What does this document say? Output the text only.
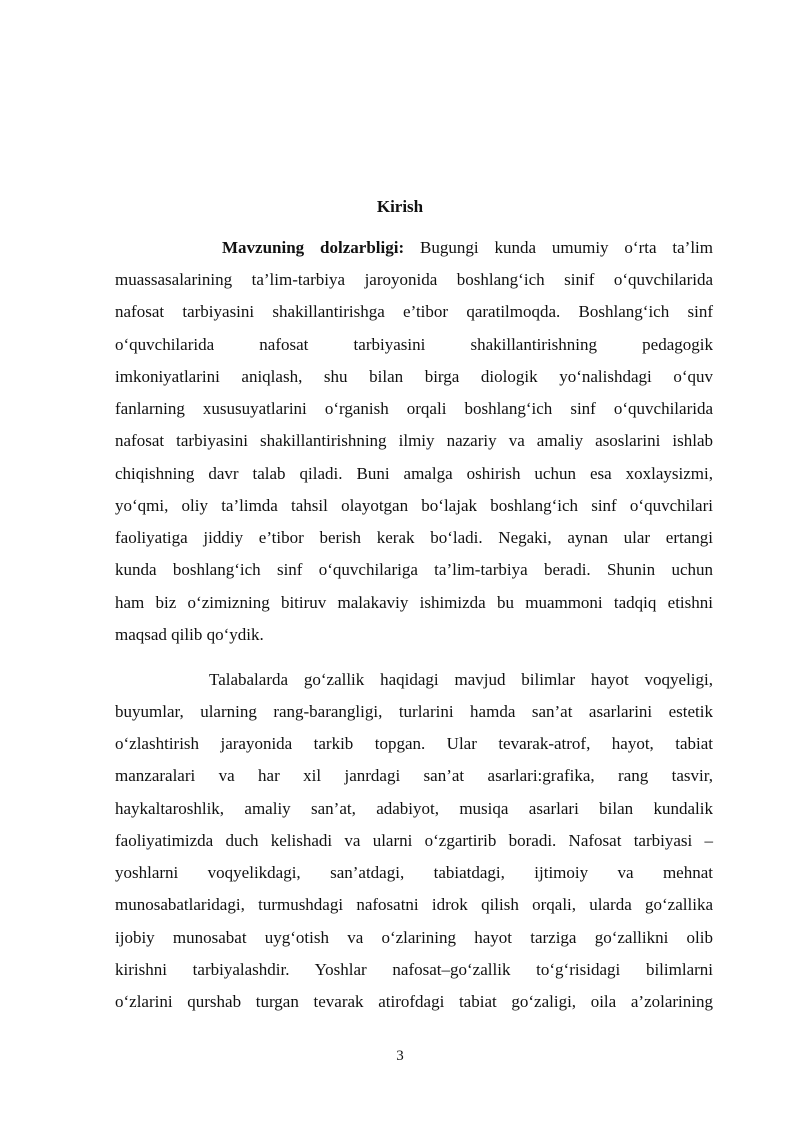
Kirish
Mavzuning dolzarbligi: Bugungi kunda umumiy o‘rta ta’lim
muassasalarining ta’lim-tarbiya jaroyonida boshlang‘ich sinif o‘quvchilarida
nafosat tarbiyasini shakillantirishga e’tibor qaratilmoqda. Boshlang‘ich sinf
o‘quvchilarida nafosat tarbiyasini shakillantirishning pedagogik
imkoniyatlarini aniqlash, shu bilan birga diologik yo‘nalishdagi o‘quv
fanlarning xususuyatlarini o‘rganish orqali boshlang‘ich sinf o‘quvchilarida
nafosat tarbiyasini shakillantirishning ilmiy nazariy va amaliy asoslarini ishlab
chiqishning davr talab qiladi. Buni amalga oshirish uchun esa xoxlaysizmi,
yo‘qmi, oliy ta’limda tahsil olayotgan bo‘lajak boshlang‘ich sinf o‘quvchilari
faoliyatiga jiddiy e’tibor berish kerak bo‘ladi. Negaki, aynan ular ertangi
kunda boshlang‘ich sinf o‘quvchilariga ta’lim-tarbiya beradi. Shunin uchun
ham biz o‘zimizning bitiruv malakaviy ishimizda bu muammoni tadqiq etishni
maqsad qilib qo‘ydik.
Talabalarda go‘zallik haqidagi mavjud bilimlar hayot voqyeligi,
buyumlar, ularning rang-barangligi, turlarini hamda san’at asarlarini estetik
o‘zlashtirish jarayonida tarkib topgan. Ular tevarak-atrof, hayot, tabiat
manzaralari va har xil janrdagi san’at asarlari:grafika, rang tasvir,
haykaltaroshlik, amaliy san’at, adabiyot, musiqa asarlari bilan kundalik
faoliyatimizda duch kelishadi va ularni o‘zgartirib boradi. Nafosat tarbiyasi –
yoshlarni voqyelikdagi, san’atdagi, tabiatdagi, ijtimoiy va mehnat
munosabatlaridagi, turmushdagi nafosatni idrok qilish orqali, ularda go‘zallika
ijobiy munosabat uyg‘otish va o‘zlarining hayot tarziga go‘zallikni olib
kirishni tarbiyalashdir. Yoshlar nafosat–go‘zallik to‘g‘risidagi bilimlarni
o‘zlarini qurshab turgan tevarak atirofdagi tabiat go‘zaligi, oila a’zolarining
3
